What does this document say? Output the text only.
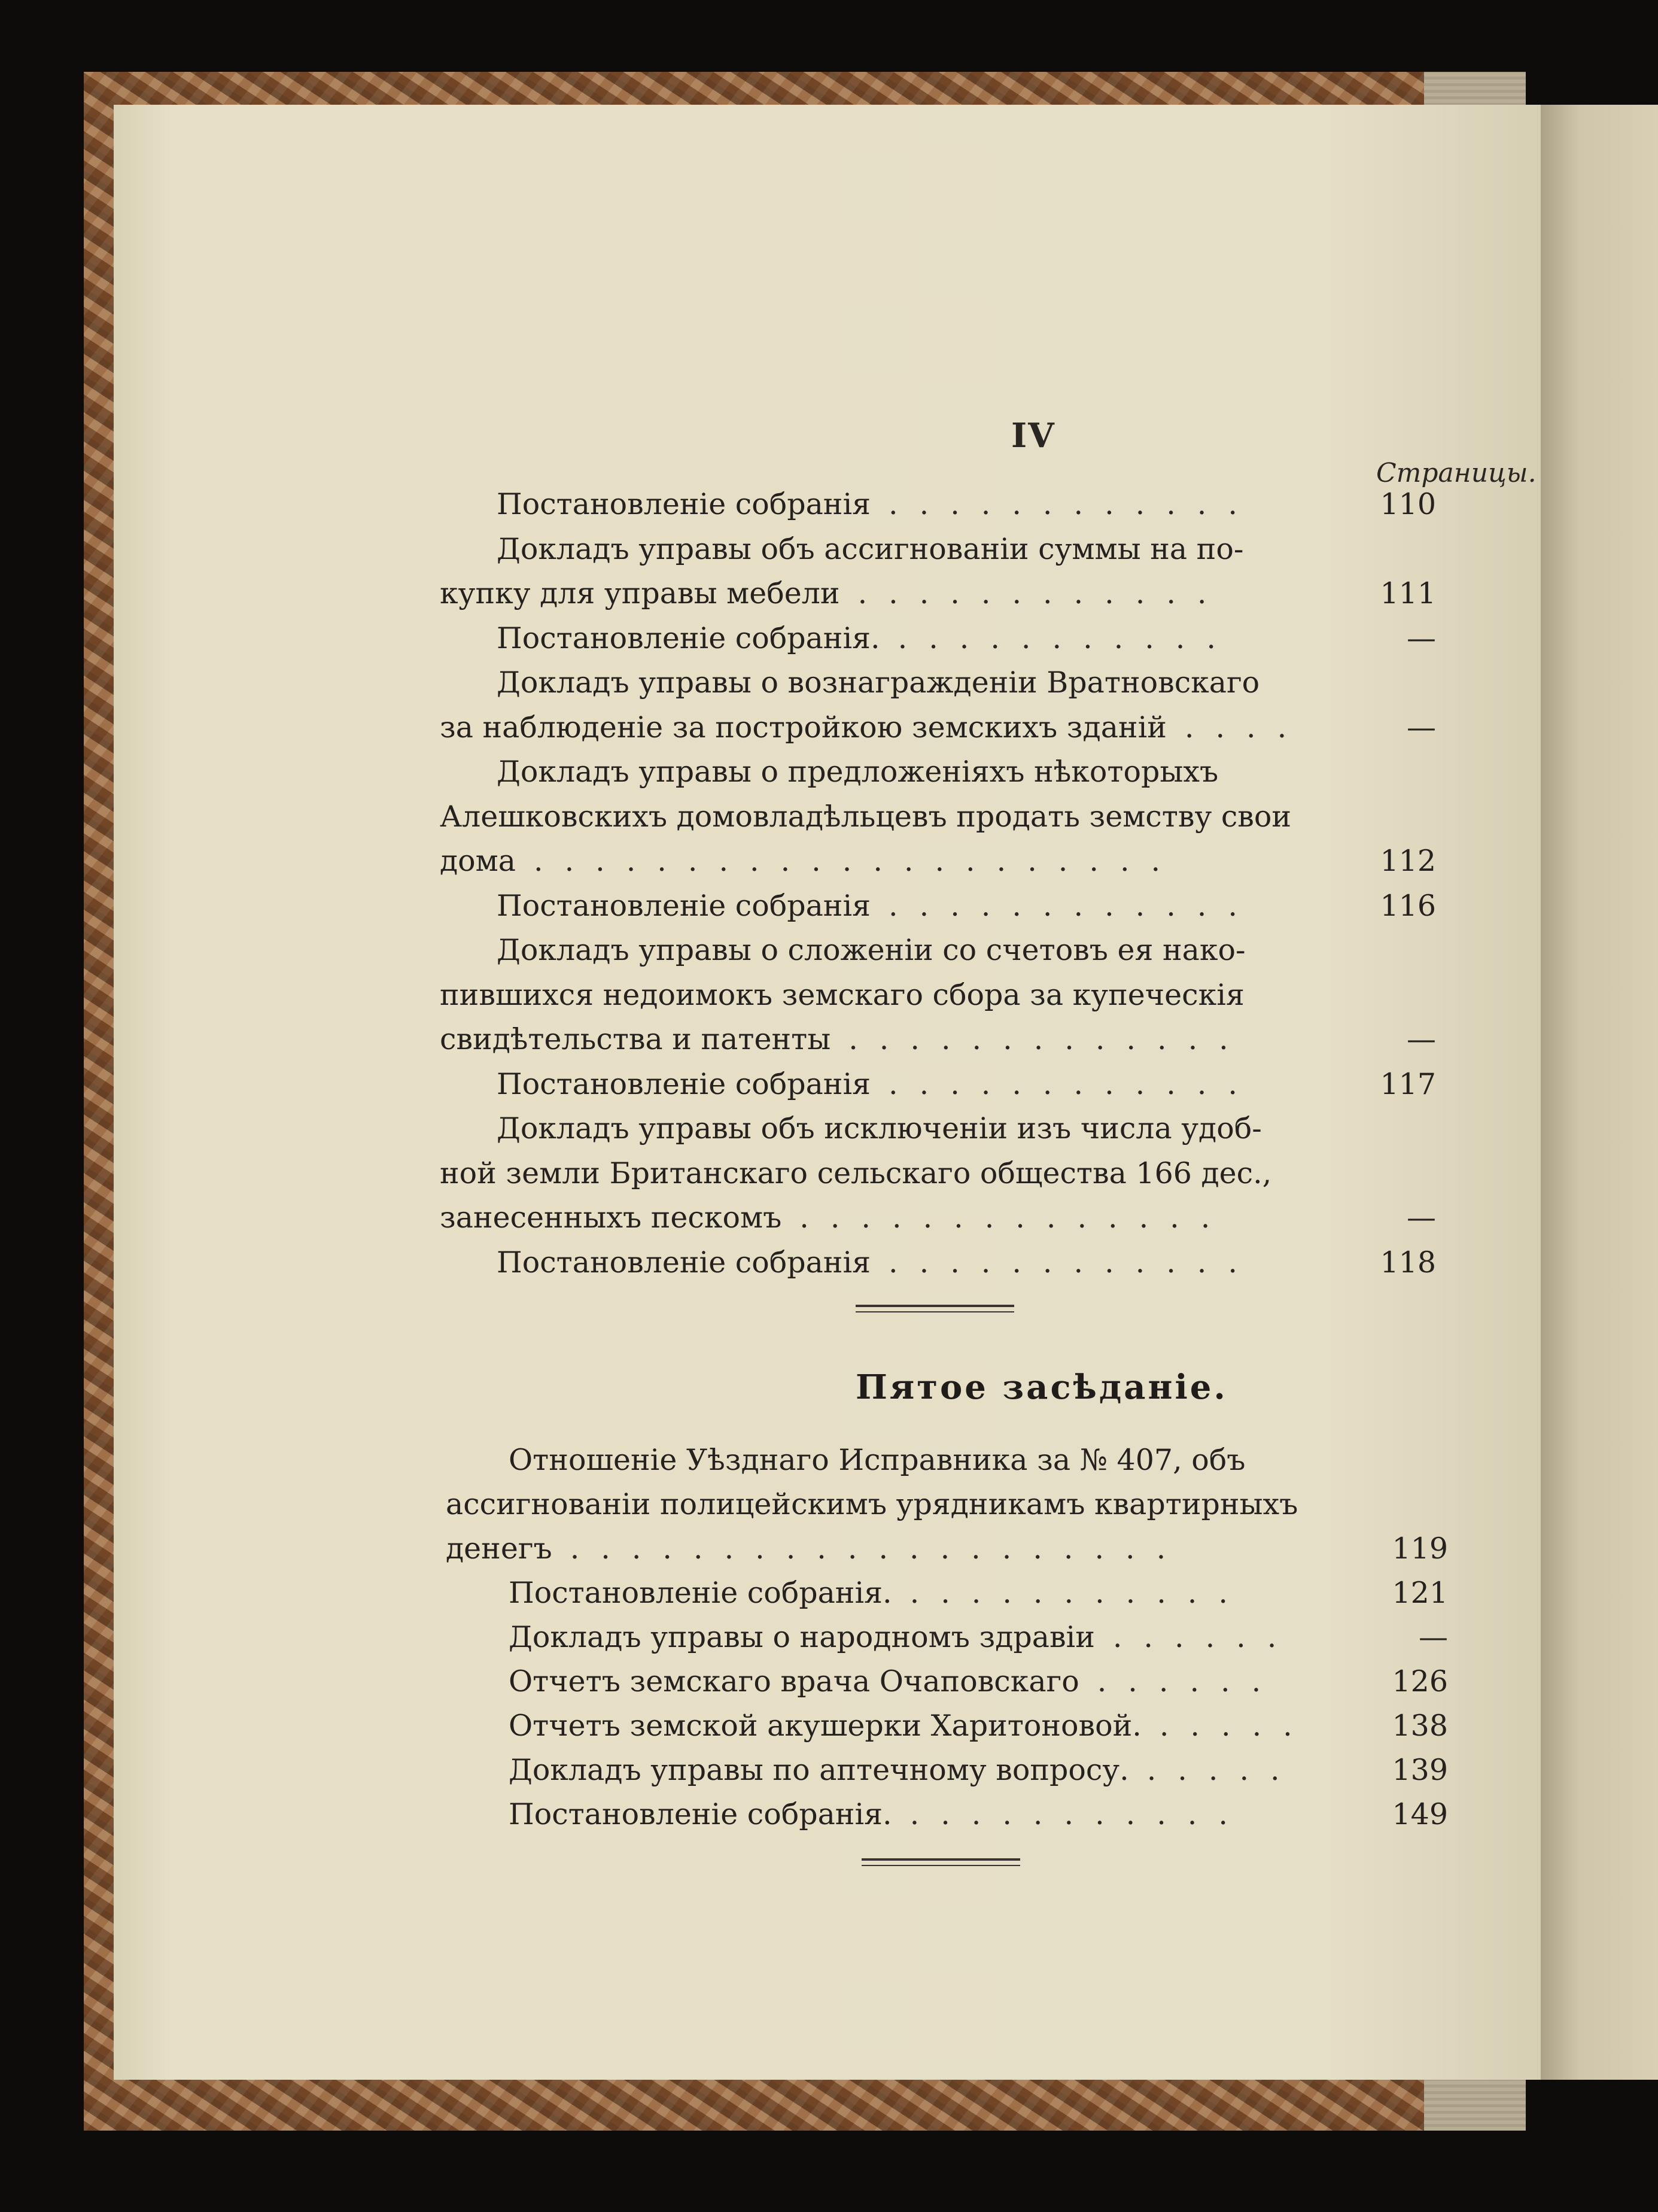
IV
Страницы.
Пятое засѣданіе.
Постановленіе собранія ............	110
Докладъ управы объ ассигнованіи суммы на по-
купку для управы мебели ............	111
Постановленіе собранія. ...........	—
Докладъ управы о вознагражденіи Вратновскаго
за наблюденіе за постройкою земскихъ зданій ....	—
Докладъ управы о предложеніяхъ нѣкоторыхъ
Алешковскихъ домовладѣльцевъ продать земству свои
дома .....................	112
Постановленіе собранія ............	116
Докладъ управы о сложеніи со счетовъ ея нако-
пившихся недоимокъ земскаго сбора за купеческія
свидѣтельства и патенты .............	—
Постановленіе собранія ............	117
Докладъ управы объ исключеніи изъ числа удоб-
ной земли Британскаго сельскаго общества 166 дес.,
занесенныхъ пескомъ ..............	—
Постановленіе собранія ............	118
Отношеніе Уѣзднаго Исправника за № 407, объ
ассигнованіи полицейскимъ урядникамъ квартирныхъ
денегъ ....................	119
Постановленіе собранія. ...........	121
Докладъ управы о народномъ здравіи ......	—
Отчетъ земскаго врача Очаповскаго ......	126
Отчетъ земской акушерки Харитоновой. .....	138
Докладъ управы по аптечному вопросу. .....	139
Постановленіе собранія. ...........	149
